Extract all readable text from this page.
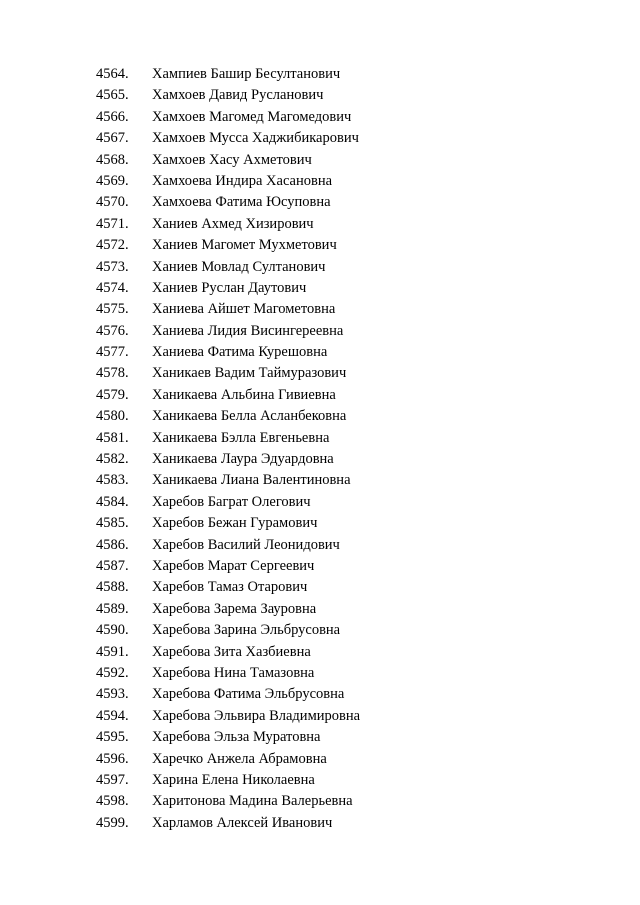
4564.	Хампиев Башир Бесултанович
4565.	Хамхоев Давид Русланович
4566.	Хамхоев Магомед Магомедович
4567.	Хамхоев Мусса Хаджибикарович
4568.	Хамхоев Хасу Ахметович
4569.	Хамхоева Индира Хасановна
4570.	Хамхоева Фатима Юсуповна
4571.	Ханиев Ахмед Хизирович
4572.	Ханиев Магомет Мухметович
4573.	Ханиев Мовлад Султанович
4574.	Ханиев Руслан Даутович
4575.	Ханиева Айшет Магометовна
4576.	Ханиева Лидия Висингереевна
4577.	Ханиева Фатима Курешовна
4578.	Ханикаев Вадим Таймуразович
4579.	Ханикаева Альбина Гивиевна
4580.	Ханикаева Белла Асланбековна
4581.	Ханикаева Бэлла Евгеньевна
4582.	Ханикаева Лаура Эдуардовна
4583.	Ханикаева Лиана Валентиновна
4584.	Харебов Баграт Олегович
4585.	Харебов Бежан Гурамович
4586.	Харебов Василий Леонидович
4587.	Харебов Марат Сергеевич
4588.	Харебов Тамаз Отарович
4589.	Харебова Зарема Зауровна
4590.	Харебова Зарина Эльбрусовна
4591.	Харебова Зита Хазбиевна
4592.	Харебова Нина Тамазовна
4593.	Харебова Фатима Эльбрусовна
4594.	Харебова Эльвира Владимировна
4595.	Харебова Эльза Муратовна
4596.	Харечко Анжела Абрамовна
4597.	Харина Елена Николаевна
4598.	Харитонова Мадина Валерьевна
4599.	Харламов Алексей Иванович
